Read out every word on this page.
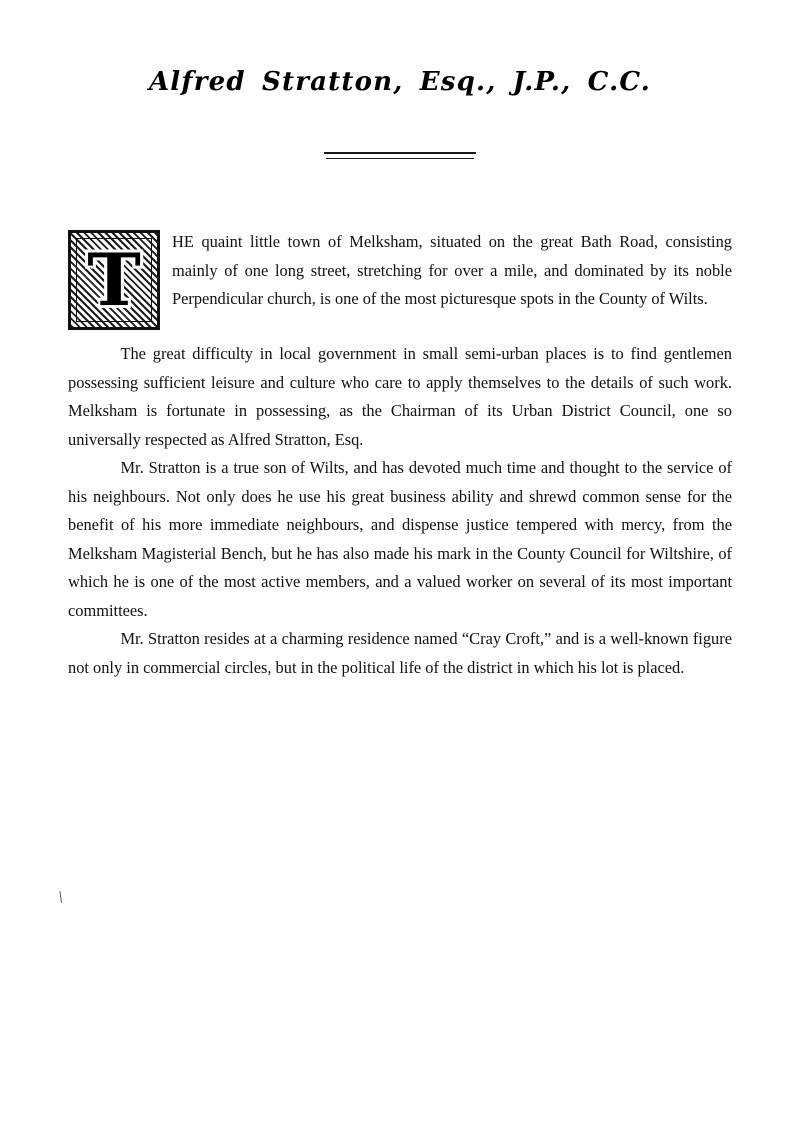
Alfred Stratton, Esq., J.P., C.C.
T	HE quaint little town of Melksham, situated on the great Bath Road, consisting mainly of one long street, stretching for over a mile, and dominated by its noble Perpendicular church, is one of the most picturesque spots in the County of Wilts.

The great difficulty in local government in small semi-urban places is to find gentlemen possessing sufficient leisure and culture who care to apply themselves to the details of such work. Melksham is fortunate in possessing, as the Chairman of its Urban District Council, one so universally respected as Alfred Stratton, Esq.

Mr. Stratton is a true son of Wilts, and has devoted much time and thought to the service of his neighbours. Not only does he use his great business ability and shrewd common sense for the benefit of his more immediate neighbours, and dispense justice tempered with mercy, from the Melksham Magisterial Bench, but he has also made his mark in the County Council for Wiltshire, of which he is one of the most active members, and a valued worker on several of its most important committees.

Mr. Stratton resides at a charming residence named “Cray Croft,” and is a well-known figure not only in commercial circles, but in the political life of the district in which his lot is placed.

\
